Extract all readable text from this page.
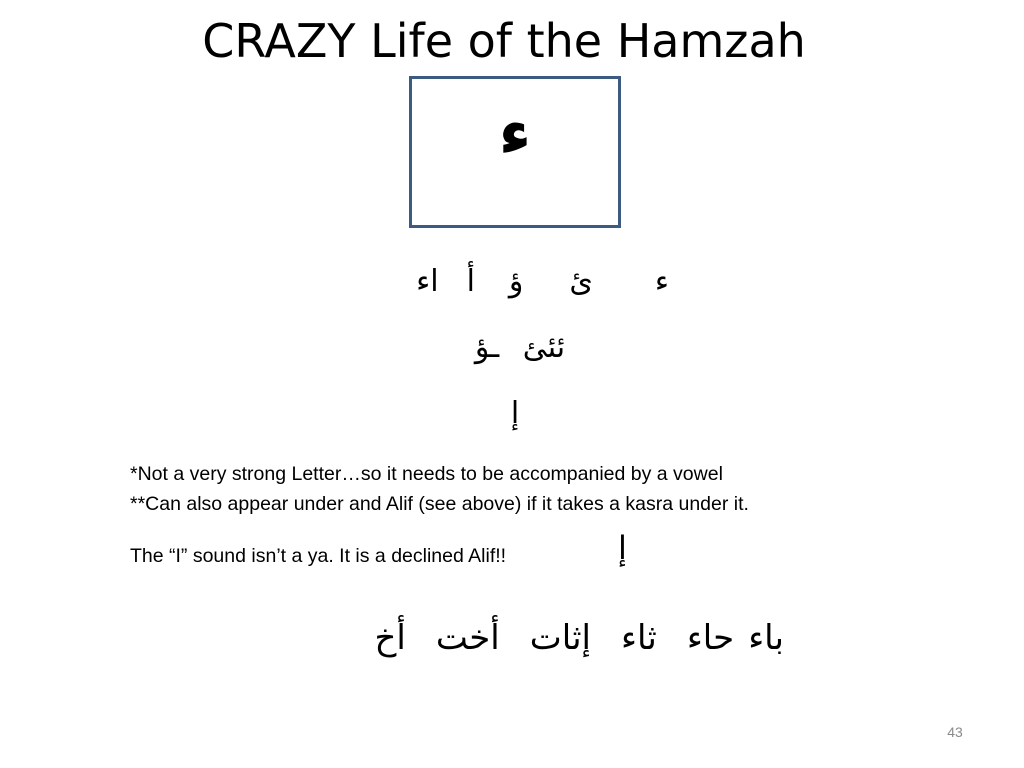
CRAZY Life of the Hamzah
ء
ءئؤأاء
ئئئ ـؤ
إ
*Not a very strong Letter…so it needs to be accompanied by a vowel
**Can also appear under and Alif (see above) if it takes a kasra under it.
The “I” sound isn’t a ya. It is a declined Alif!!	إ
باءحاءثاءإثاتأختأخ
43
